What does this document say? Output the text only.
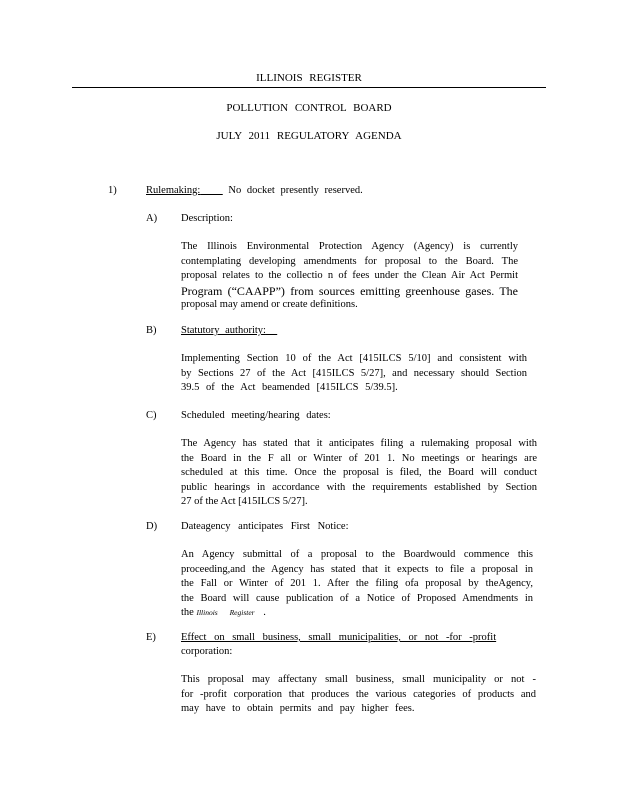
ILLINOIS REGISTER
POLLUTION CONTROL BOARD
JULY 2011 REGULATORY AGENDA
1)	Rulemaking:	No docket presently reserved.
A) Description:
The Illinois Environmental Protection Agency (Agency) is currently
contemplating developing amendments for proposal to the Board. The
proposal relates to the collectio n of fees under the Clean Air Act Permit
Program (“CAAPP”) from sources emitting greenhouse gases. The
proposal may amend or create definitions.
B) Statutory authority:
Implementing Section 10 of the Act [415ILCS 5/10] and consistent with
by Sections 27 of the Act [415ILCS 5/27], and necessary should Section
39.5 of the Act beamended [415ILCS 5/39.5].
C) Scheduled meeting/hearing dates:
The Agency has stated that it anticipates filing a rulemaking proposal with
the Board in the F all or Winter of 201 1. No meetings or hearings are
scheduled at this time. Once the proposal is filed, the Board will conduct
public hearings in accordance with the requirements established by Section
27 of the Act [415ILCS 5/27].
D) Dateagency anticipates First Notice:
An Agency submittal of a proposal to the Boardwould commence this
proceeding,and the Agency has stated that it expects to file a proposal in
the Fall or Winter of 201 1. After the filing ofa proposal by theAgency,
the Board will cause publication of a Notice of Proposed Amendments in
the Illinois Register .
E) Effect on small business, small municipalities, or not -for -profit
corporation:
This proposal may affectany small business, small municipality or not -
for -profit corporation that produces the various categories of products and
may have to obtain permits and pay higher fees.
